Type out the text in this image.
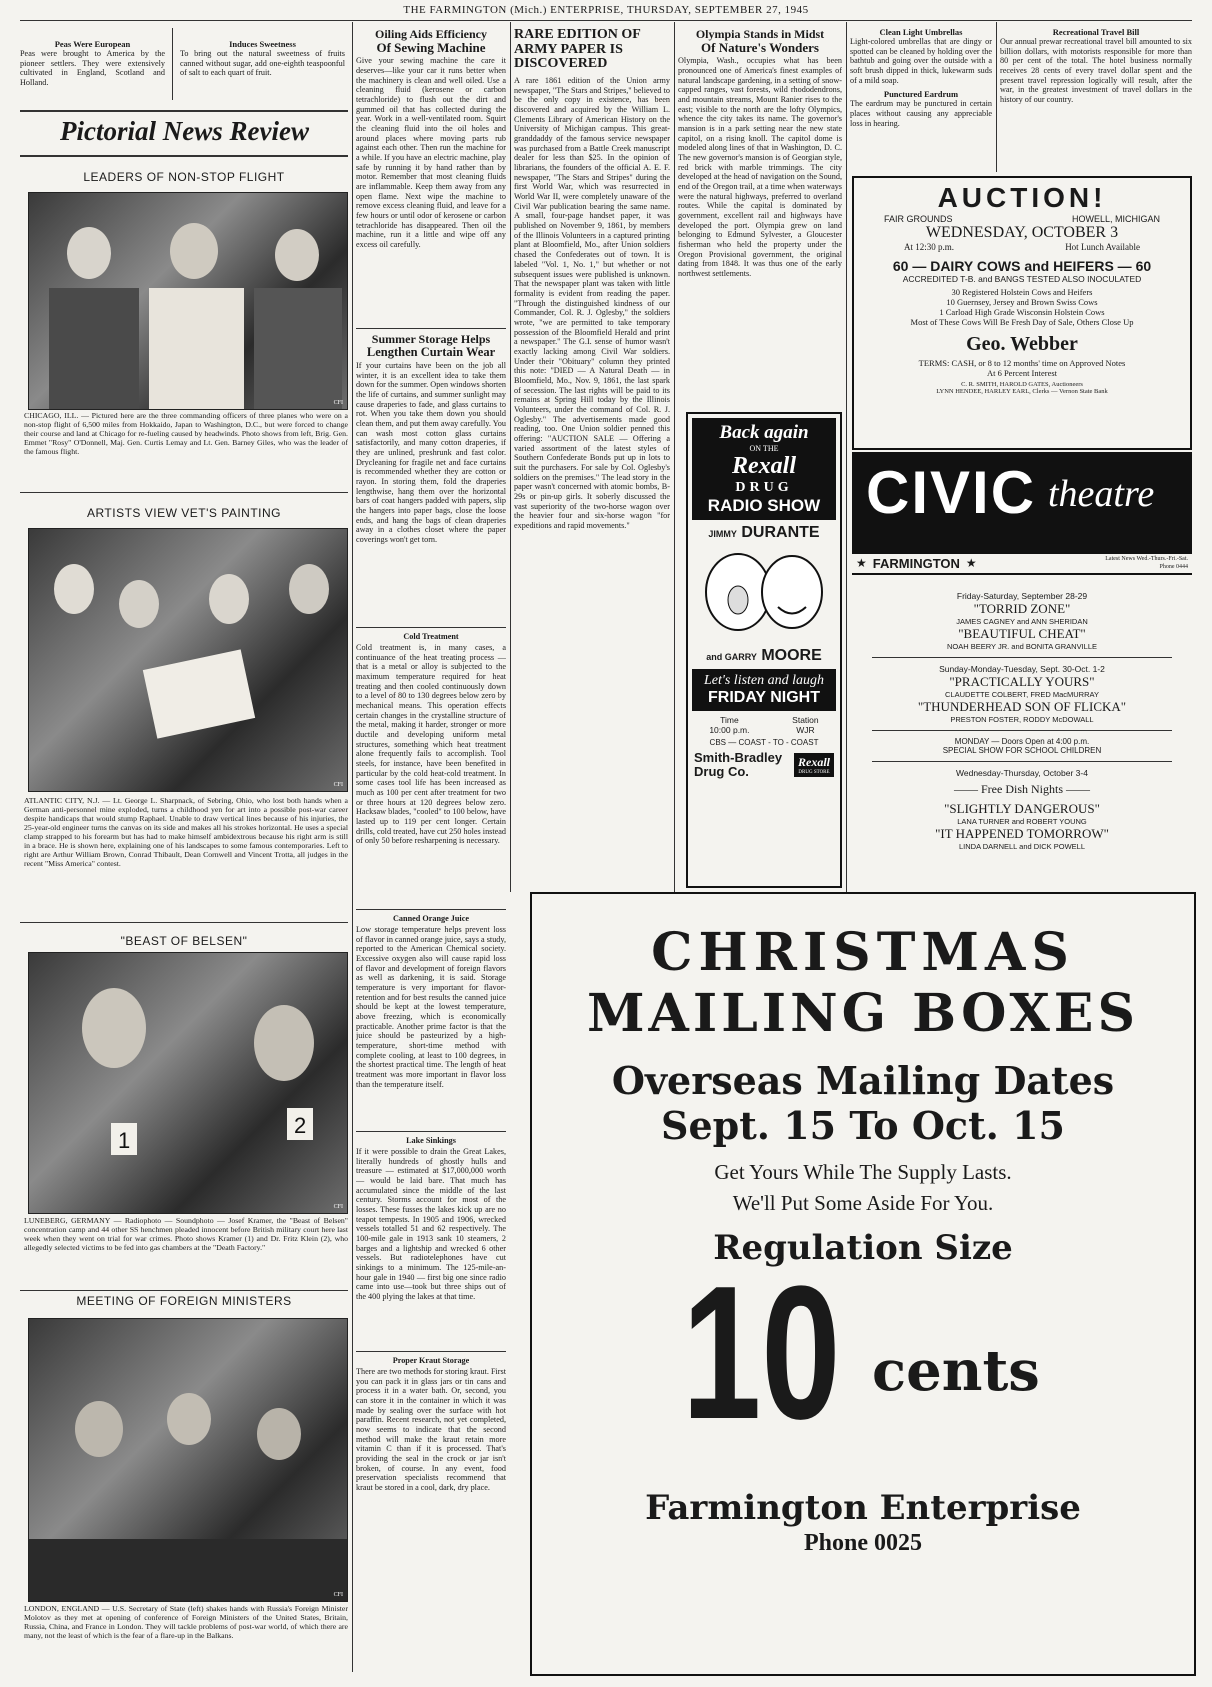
THE FARMINGTON (Mich.) ENTERPRISE, THURSDAY, SEPTEMBER 27, 1945
Peas Were European
Peas were brought to America by the pioneer settlers. They were extensively cultivated in England, Scotland and Holland.
Induces Sweetness
To bring out the natural sweetness of fruits canned without sugar, add one-eighth teaspoonful of salt to each quart of fruit.
Pictorial News Review
LEADERS OF NON-STOP FLIGHT
CFI
CHICAGO, ILL. — Pictured here are the three commanding officers of three planes who were on a non-stop flight of 6,500 miles from Hokkaido, Japan to Washington, D.C., but were forced to change their course and land at Chicago for re-fueling caused by headwinds. Photo shows from left, Brig. Gen. Emmet "Rosy" O'Donnell, Maj. Gen. Curtis Lemay and Lt. Gen. Barney Giles, who was the leader of the famous flight.
ARTISTS VIEW VET'S PAINTING
CFI
ATLANTIC CITY, N.J. — Lt. George L. Sharpnack, of Sebring, Ohio, who lost both hands when a German anti-personnel mine exploded, turns a childhood yen for art into a possible post-war career despite handicaps that would stump Raphael. Unable to draw vertical lines because of his injuries, the 25-year-old engineer turns the canvas on its side and makes all his strokes horizontal. He uses a special clamp strapped to his forearm but has had to make himself ambidextrous because his right arm is still in a brace. He is shown here, explaining one of his landscapes to some famous contemporaries. Left to right are Arthur William Brown, Conrad Thibault, Dean Cornwell and Vincent Trotta, all judges in the recent "Miss America" contest.
"BEAST OF BELSEN"
1
2
CFI
LUNEBERG, GERMANY — Radiophoto — Soundphoto — Josef Kramer, the "Beast of Belsen" concentration camp and 44 other SS henchmen pleaded innocent before British military court here last week when they went on trial for war crimes. Photo shows Kramer (1) and Dr. Fritz Klein (2), who allegedly selected victims to be fed into gas chambers at the "Death Factory."
MEETING OF FOREIGN MINISTERS
CFI
LONDON, ENGLAND — U.S. Secretary of State (left) shakes hands with Russia's Foreign Minister Molotov as they met at opening of conference of Foreign Ministers of the United States, Britain, Russia, China, and France in London. They will tackle problems of post-war world, of which there are many, not the least of which is the fear of a flare-up in the Balkans.
Oiling Aids Efficiency
Of Sewing Machine
Give your sewing machine the care it deserves—like your car it runs better when the machinery is clean and well oiled. Use a cleaning fluid (kerosene or carbon tetrachloride) to flush out the dirt and gummed oil that has collected during the year. Work in a well-ventilated room. Squirt the cleaning fluid into the oil holes and around places where moving parts rub against each other. Then run the machine for a while. If you have an electric machine, play safe by running it by hand rather than by motor. Remember that most cleaning fluids are inflammable. Keep them away from any open flame. Next wipe the machine to remove excess cleaning fluid, and leave for a few hours or until odor of kerosene or carbon tetrachloride has disappeared. Then oil the machine, run it a little and wipe off any excess oil carefully.
Summer Storage Helps
Lengthen Curtain Wear
If your curtains have been on the job all winter, it is an excellent idea to take them down for the summer. Open windows shorten the life of curtains, and summer sunlight may cause draperies to fade, and glass curtains to rot. When you take them down you should clean them, and put them away carefully. You can wash most cotton glass curtains satisfactorily, and many cotton draperies, if they are unlined, preshrunk and fast color. Drycleaning for fragile net and face curtains is recommended whether they are cotton or rayon. In storing them, fold the draperies lengthwise, hang them over the horizontal bars of coat hangers padded with papers, slip the hangers into paper bags, close the loose ends, and hang the bags of clean draperies away in a clothes closet where the paper coverings won't get torn.
Cold Treatment
Cold treatment is, in many cases, a continuance of the heat treating process — that is a metal or alloy is subjected to the maximum temperature required for heat treating and then cooled continuously down to a level of 80 to 130 degrees below zero by mechanical means. This operation effects certain changes in the crystalline structure of the metal, making it harder, stronger or more ductile and developing uniform metal structures, something which heat treatment alone frequently fails to accomplish. Tool steels, for instance, have been benefited in particular by the cold heat-cold treatment. In some cases tool life has been increased as much as 100 per cent after treatment for two or three hours at 120 degrees below zero. Hacksaw blades, "cooled" to 100 below, have lasted up to 119 per cent longer. Certain drills, cold treated, have cut 250 holes instead of only 50 before resharpening is necessary.
Canned Orange Juice
Low storage temperature helps prevent loss of flavor in canned orange juice, says a study, reported to the American Chemical society. Excessive oxygen also will cause rapid loss of flavor and development of foreign flavors as well as darkening, it is said. Storage temperature is very important for flavor-retention and for best results the canned juice should be kept at the lowest temperature, above freezing, which is economically practicable. Another prime factor is that the juice should be pasteurized by a high-temperature, short-time method with complete cooling, at least to 100 degrees, in the shortest practical time. The length of heat treatment was more important in flavor loss than the temperature itself.
Lake Sinkings
If it were possible to drain the Great Lakes, literally hundreds of ghostly hulls and treasure — estimated at $17,000,000 worth — would be laid bare. That much has accumulated since the middle of the last century. Storms account for most of the losses. These fusses the lakes kick up are no teapot tempests. In 1905 and 1906, wrecked vessels totalled 51 and 62 respectively. The 100-mile gale in 1913 sank 10 steamers, 2 barges and a lightship and wrecked 6 other vessels. But radiotelephones have cut sinkings to a minimum. The 125-mile-an-hour gale in 1940 — first big one since radio came into use—took but three ships out of the 400 plying the lakes at that time.
Proper Kraut Storage
There are two methods for storing kraut. First you can pack it in glass jars or tin cans and process it in a water bath. Or, second, you can store it in the container in which it was made by sealing over the surface with hot paraffin. Recent research, not yet completed, now seems to indicate that the second method will make the kraut retain more vitamin C than if it is processed. That's providing the seal in the crock or jar isn't broken, of course. In any event, food preservation specialists recommend that kraut be stored in a cool, dark, dry place.
RARE EDITION OF ARMY PAPER IS DISCOVERED
A rare 1861 edition of the Union army newspaper, "The Stars and Stripes," believed to be the only copy in existence, has been discovered and acquired by the William L. Clements Library of American History on the University of Michigan campus. This great-granddaddy of the famous service newspaper was purchased from a Battle Creek manuscript dealer for less than $25. In the opinion of librarians, the founders of the official A. E. F. newspaper, "The Stars and Stripes" during the first World War, which was resurrected in World War II, were completely unaware of the Civil War publication bearing the same name. A small, four-page handset paper, it was published on November 9, 1861, by members of the Illinois Volunteers in a captured printing plant at Bloomfield, Mo., after Union soldiers chased the Confederates out of town. It is labeled "Vol. 1, No. 1," but whether or not subsequent issues were published is unknown. That the newspaper plant was taken with little formality is evident from reading the paper. "Through the distinguished kindness of our Commander, Col. R. J. Oglesby," the soldiers wrote, "we are permitted to take temporary possession of the Bloomfield Herald and print a newspaper." The G.I. sense of humor wasn't exactly lacking among Civil War soldiers. Under their "Obituary" column they printed this note: "DIED — A Natural Death — in Bloomfield, Mo., Nov. 9, 1861, the last spark of secession. The last rights will be paid to its remains at Spring Hill today by the Illinois Volunteers, under the command of Col. R. J. Oglesby." The advertisements made good reading, too. One Union soldier penned this offering: "AUCTION SALE — Offering a varied assortment of the latest styles of Southern Confederate Bonds put up in lots to suit the purchasers. For sale by Col. Oglesby's soldiers on the premises." The lead story in the paper wasn't concerned with atomic bombs, B-29s or pin-up girls. It soberly discussed the vast superiority of the two-horse wagon over the heavier four and six-horse wagon "for expeditions and rapid movements."
Olympia Stands in Midst
Of Nature's Wonders
Olympia, Wash., occupies what has been pronounced one of America's finest examples of natural landscape gardening, in a setting of snow-capped ranges, vast forests, wild rhododendrons, and mountain streams, Mount Ranier rises to the east; visible to the north are the lofty Olympics, whence the city takes its name. The governor's mansion is in a park setting near the new state capitol, on a rising knoll. The capitol dome is modeled along lines of that in Washington, D. C. The new governor's mansion is of Georgian style, red brick with marble trimmings. The city developed at the head of navigation on the Sound, end of the Oregon trail, at a time when waterways were the natural highways, preferred to overland routes. While the capital is dominated by government, excellent rail and highways have developed the port. Olympia grew on land belonging to Edmund Sylvester, a Gloucester fisherman who held the property under the Oregon Provisional government, the original dating from 1848. It was thus one of the early northwest settlements.
Back again
ON THE
Rexall
DRUG
RADIO SHOW
JIMMY DURANTE
and GARRY MOORE
Let's listen and laugh
FRIDAY NIGHT
Time
10:00 p.m.
Station
WJR
CBS — COAST - TO - COAST
Smith-Bradley
Drug Co.
Rexall
DRUG STORE
Clean Light Umbrellas
Light-colored umbrellas that are dingy or spotted can be cleaned by holding over the bathtub and going over the outside with a soft brush dipped in thick, lukewarm suds of a mild soap.
Punctured Eardrum
The eardrum may be punctured in certain places without causing any appreciable loss in hearing.
Recreational Travel Bill
Our annual prewar recreational travel bill amounted to six billion dollars, with motorists responsible for more than 80 per cent of the total. The hotel business normally receives 28 cents of every travel dollar spent and the present travel repression logically will result, after the war, in the greatest investment of travel dollars in the history of our country.
AUCTION!
FAIR GROUNDS	HOWELL, MICHIGAN
WEDNESDAY, OCTOBER 3
At 12:30 p.m.	Hot Lunch Available
60 — DAIRY COWS and HEIFERS — 60
ACCREDITED T-B. and BANGS TESTED ALSO INOCULATED
30 Registered Holstein Cows and Heifers
10 Guernsey, Jersey and Brown Swiss Cows
1 Carload High Grade Wisconsin Holstein Cows
Most of These Cows Will Be Fresh Day of Sale, Others Close Up
Geo. Webber
TERMS: CASH, or 8 to 12 months' time on Approved Notes
At 6 Percent Interest
C. R. SMITH, HAROLD GATES, Auctioneers
LYNN HENDEE, HARLEY EARL, Clerks — Vernon State Bank
CIVIC theatre
★ FARMINGTON ★	Latest News Wed.-Thurs.-Fri.-Sat.
Phone 0444
Friday-Saturday, September 28-29
"TORRID ZONE"
JAMES CAGNEY and ANN SHERIDAN
"BEAUTIFUL CHEAT"
NOAH BEERY JR. and BONITA GRANVILLE
Sunday-Monday-Tuesday, Sept. 30-Oct. 1-2
"PRACTICALLY YOURS"
CLAUDETTE COLBERT, FRED MacMURRAY
"THUNDERHEAD SON OF FLICKA"
PRESTON FOSTER, RODDY McDOWALL
MONDAY — Doors Open at 4:00 p.m.
SPECIAL SHOW FOR SCHOOL CHILDREN
Wednesday-Thursday, October 3-4
—— Free Dish Nights ——
"SLIGHTLY DANGEROUS"
LANA TURNER and ROBERT YOUNG
"IT HAPPENED TOMORROW"
LINDA DARNELL and DICK POWELL
CHRISTMAS
MAILING BOXES
Overseas Mailing Dates
Sept. 15 To Oct. 15
Get Yours While The Supply Lasts.
We'll Put Some Aside For You.
Regulation Size
10 cents
Farmington Enterprise
Phone 0025
